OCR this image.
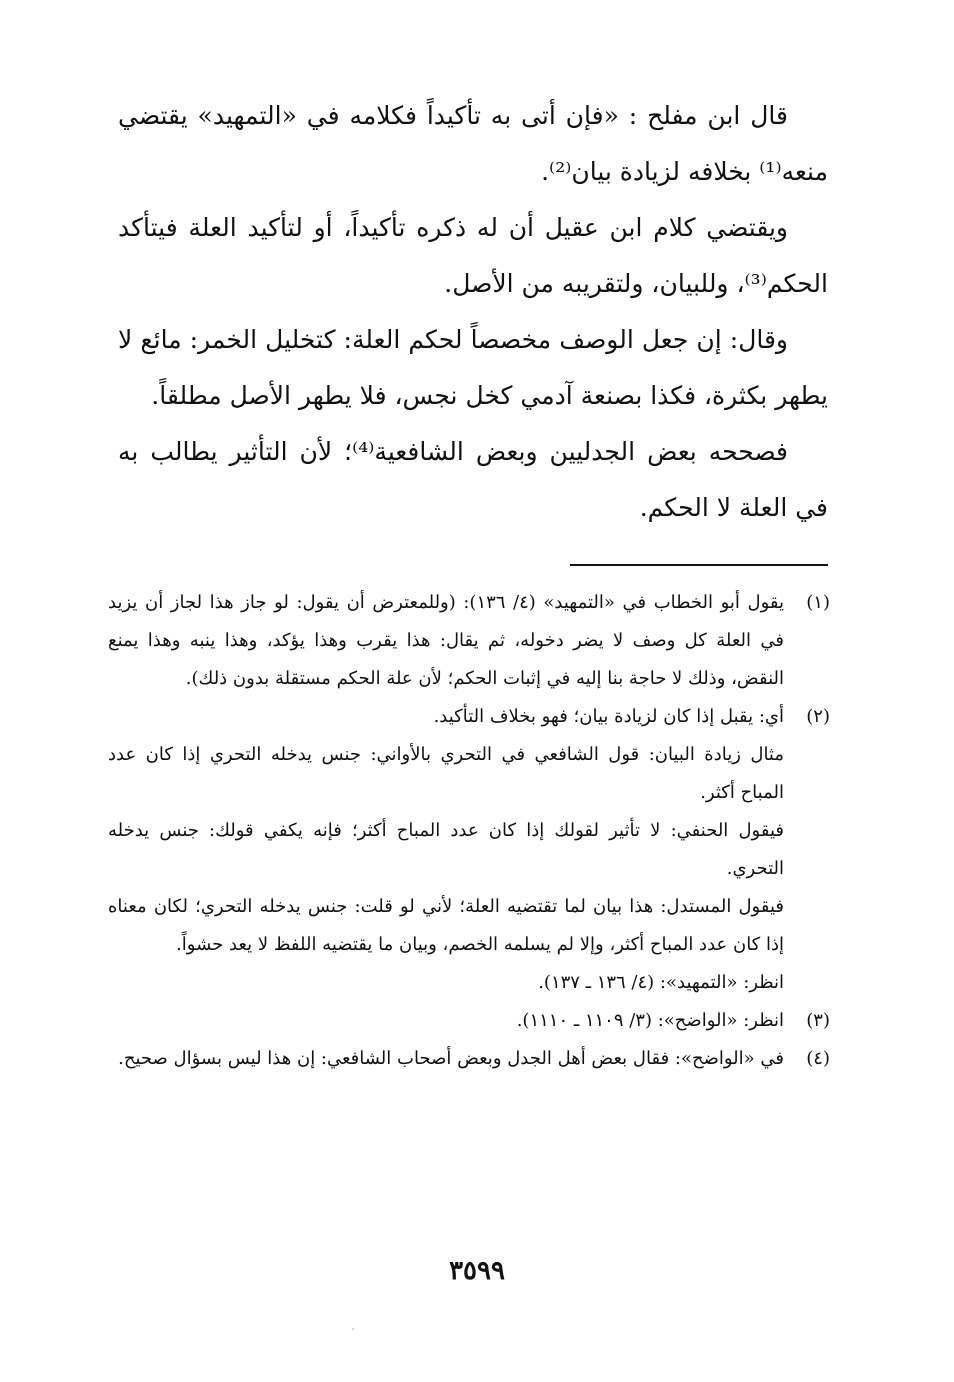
قال ابن مفلح : «فإن أتى به تأكيداً فكلامه في «التمهيد» يقتضي منعه⁽¹⁾ بخلافه لزيادة بيان⁽²⁾.

ويقتضي كلام ابن عقيل أن له ذكره تأكيداً، أو لتأكيد العلة فيتأكد الحكم⁽³⁾، وللبيان، ولتقريبه من الأصل.

وقال: إن جعل الوصف مخصصاً لحكم العلة: كتخليل الخمر: مائع لا يطهر بكثرة، فكذا بصنعة آدمي كخل نجس، فلا يطهر الأصل مطلقاً.

فصححه بعض الجدليين وبعض الشافعية⁽⁴⁾؛ لأن التأثير يطالب به في العلة لا الحكم.

(١)

يقول أبو الخطاب في «التمهيد» (٤/ ١٣٦): (وللمعترض أن يقول: لو جاز هذا لجاز أن يزيد في العلة كل وصف لا يضر دخوله، ثم يقال: هذا يقرب وهذا يؤكد، وهذا ينبه وهذا يمنع النقض، وذلك لا حاجة بنا إليه في إثبات الحكم؛ لأن علة الحكم مستقلة بدون ذلك).

(٢)

أي: يقبل إذا كان لزيادة بيان؛ فهو بخلاف التأكيد.

مثال زيادة البيان: قول الشافعي في التحري بالأواني: جنس يدخله التحري إذا كان عدد المباح أكثر.

فيقول الحنفي: لا تأثير لقولك إذا كان عدد المباح أكثر؛ فإنه يكفي قولك: جنس يدخله التحري.

فيقول المستدل: هذا بيان لما تقتضيه العلة؛ لأني لو قلت: جنس يدخله التحري؛ لكان معناه إذا كان عدد المباح أكثر، وإلا لم يسلمه الخصم، وبيان ما يقتضيه اللفظ لا يعد حشواً.

انظر: «التمهيد»: (٤/ ١٣٦ ـ ١٣٧).

(٣)

انظر: «الواضح»: (٣/ ١١٠٩ ـ ١١١٠).

(٤)

في «الواضح»: فقال بعض أهل الجدل وبعض أصحاب الشافعي: إن هذا ليس بسؤال صحيح.

٣٥٩٩
